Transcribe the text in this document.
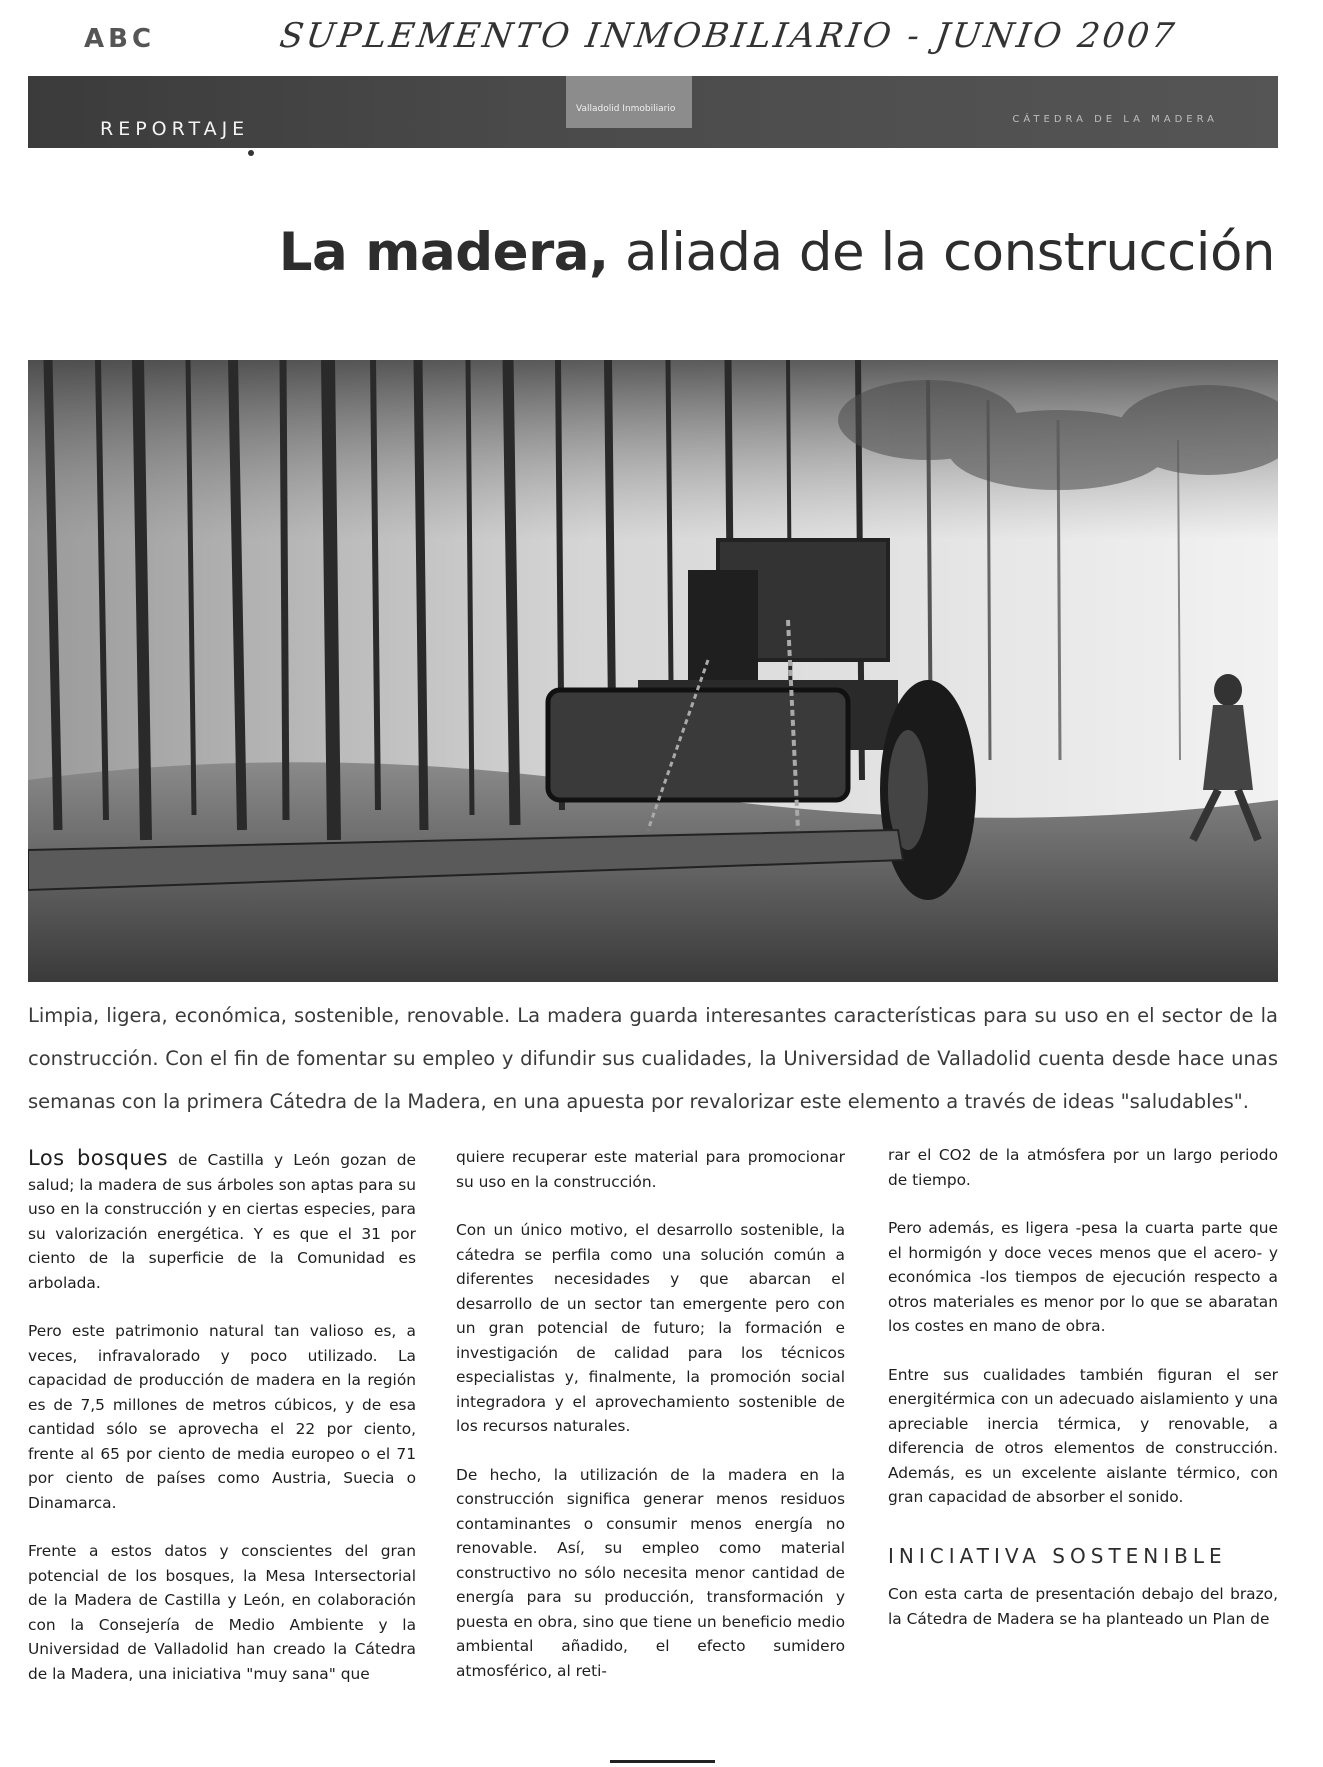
ABC	SUPLEMENTO INMOBILIARIO - JUNIO 2007
REPORTAJE
Valladolid Inmobiliario
CÁTEDRA DE LA MADERA
La madera, aliada de la construcción

Limpia, ligera, económica, sostenible, renovable. La madera guarda interesantes características para su uso en el sector de la construcción. Con el fin de fomentar su empleo y difundir sus cualidades, la Universidad de Valladolid cuenta desde hace unas semanas con la primera Cátedra de la Madera, en una apuesta por revalorizar este elemento a través de ideas "saludables".

Los bosques de Castilla y León gozan de salud; la madera de sus árboles son aptas para su uso en la construcción y en ciertas especies, para su valorización energética. Y es que el 31 por ciento de la superficie de la Comunidad es arbolada.

Pero este patrimonio natural tan valioso es, a veces, infravalorado y poco utilizado. La capacidad de producción de madera en la región es de 7,5 millones de metros cúbicos, y de esa cantidad sólo se aprovecha el 22 por ciento, frente al 65 por ciento de media europeo o el 71 por ciento de países como Austria, Suecia o Dinamarca.

Frente a estos datos y conscientes del gran potencial de los bosques, la Mesa Intersectorial de la Madera de Castilla y León, en colaboración con la Consejería de Medio Ambiente y la Universidad de Valladolid han creado la Cátedra de la Madera, una iniciativa "muy sana" que

quiere recuperar este material para promocionar su uso en la construcción.

Con un único motivo, el desarrollo sostenible, la cátedra se perfila como una solución común a diferentes necesidades y que abarcan el desarrollo de un sector tan emergente pero con un gran potencial de futuro; la formación e investigación de calidad para los técnicos especialistas y, finalmente, la promoción social integradora y el aprovechamiento sostenible de los recursos naturales.

De hecho, la utilización de la madera en la construcción significa generar menos residuos contaminantes o consumir menos energía no renovable. Así, su empleo como material constructivo no sólo necesita menor cantidad de energía para su producción, transformación y puesta en obra, sino que tiene un beneficio medio ambiental añadido, el efecto sumidero atmosférico, al reti-

rar el CO2 de la atmósfera por un largo periodo de tiempo.

Pero además, es ligera -pesa la cuarta parte que el hormigón y doce veces menos que el acero- y económica -los tiempos de ejecución respecto a otros materiales es menor por lo que se abaratan los costes en mano de obra.

Entre sus cualidades también figuran el ser energitérmica con un adecuado aislamiento y una apreciable inercia térmica, y renovable, a diferencia de otros elementos de construcción. Además, es un excelente aislante térmico, con gran capacidad de absorber el sonido.

INICIATIVA SOSTENIBLE

Con esta carta de presentación debajo del brazo, la Cátedra de Madera se ha planteado un Plan de
